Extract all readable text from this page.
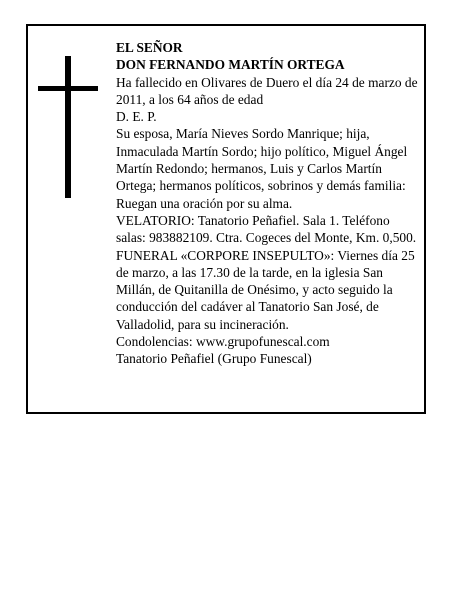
EL SEÑOR

DON FERNANDO MARTÍN ORTEGA

Ha fallecido en Olivares de Duero el día 24 de marzo de 2011, a los 64 años de edad

D. E. P.

Su esposa, María Nieves Sordo Manrique; hija, Inmaculada Martín Sordo; hijo político, Miguel Ángel Martín Redondo; hermanos, Luis y Carlos Martín Ortega; hermanos políticos, sobrinos y demás familia: Ruegan una oración por su alma.

VELATORIO: Tanatorio Peñafiel. Sala 1. Teléfono salas: 983882109. Ctra. Cogeces del Monte, Km. 0,500.

FUNERAL «CORPORE INSEPULTO»: Viernes día 25 de marzo, a las 17.30 de la tarde, en la iglesia San Millán, de Quitanilla de Onésimo, y acto seguido la conducción del cadáver al Tanatorio San José, de Valladolid, para su incineración.

Condolencias: www.grupofunescal.com

Tanatorio Peñafiel (Grupo Funescal)
